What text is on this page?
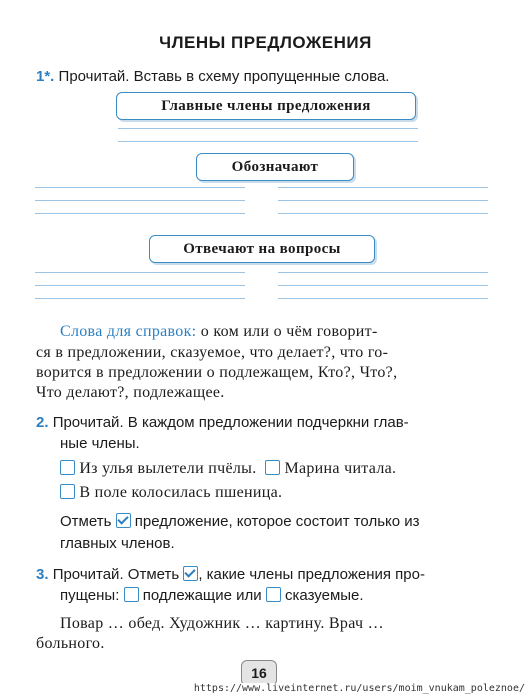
ЧЛЕНЫ ПРЕДЛОЖЕНИЯ
1*. Прочитай. Вставь в схему пропущенные слова.
Главные члены предложения
Обозначают
Отвечают на вопросы
Слова для справок: о ком или о чём говорит-
ся в предложении, сказуемое, что делает?, что го-
ворится в предложении о подлежащем, Кто?, Что?,
Что делают?, подлежащее.
2. Прочитай. В каждом предложении подчеркни глав-
ные члены.
Из улья вылетели пчёлы. Марина читала.
В поле колосилась пшеница.
Отметь предложение, которое состоит только из
главных членов.
3. Прочитай. Отметь , какие члены предложения про-
пущены: подлежащие или сказуемые.
Повар … обед. Художник … картину. Врач …
больного.
16
https://www.liveinternet.ru/users/moim_vnukam_poleznoe/
